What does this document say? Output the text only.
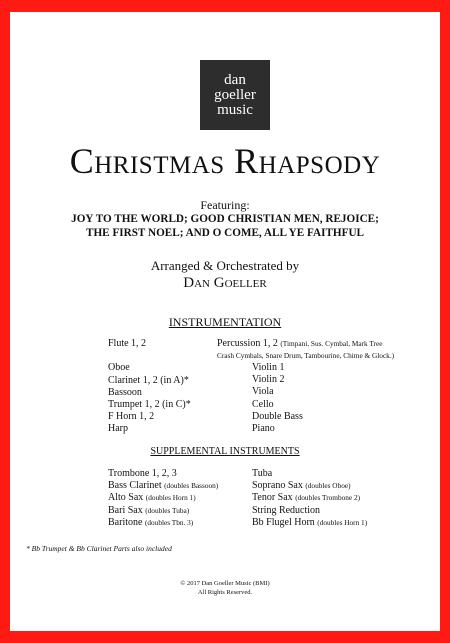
dan
goeller
music
Christmas Rhapsody
Featuring:
JOY TO THE WORLD; GOOD CHRISTIAN MEN, REJOICE;
THE FIRST NOEL; AND O COME, ALL YE FAITHFUL
Arranged & Orchestrated by
Dan Goeller
INSTRUMENTATION
Flute 1, 2
Oboe
Clarinet 1, 2 (in A)*
Bassoon
Trumpet 1, 2 (in C)*
F Horn 1, 2
Harp
Percussion 1, 2 (Timpani, Sus. Cymbal, Mark Tree
Crash Cymbals, Snare Drum, Tambourine, Chime & Glock.)
Violin 1
Violin 2
Viola
Cello
Double Bass
Piano
SUPPLEMENTAL INSTRUMENTS
Trombone 1, 2, 3
Bass Clarinet (doubles Bassoon)
Alto Sax (doubles Horn 1)
Bari Sax (doubles Tuba)
Baritone (doubles Tbn. 3)
Tuba
Soprano Sax (doubles Oboe)
Tenor Sax (doubles Trombone 2)
String Reduction
Bb Flugel Horn (doubles Horn 1)
* Bb Trumpet & Bb Clarinet Parts also included
© 2017 Dan Goeller Music (BMI)
All Rights Reserved.
